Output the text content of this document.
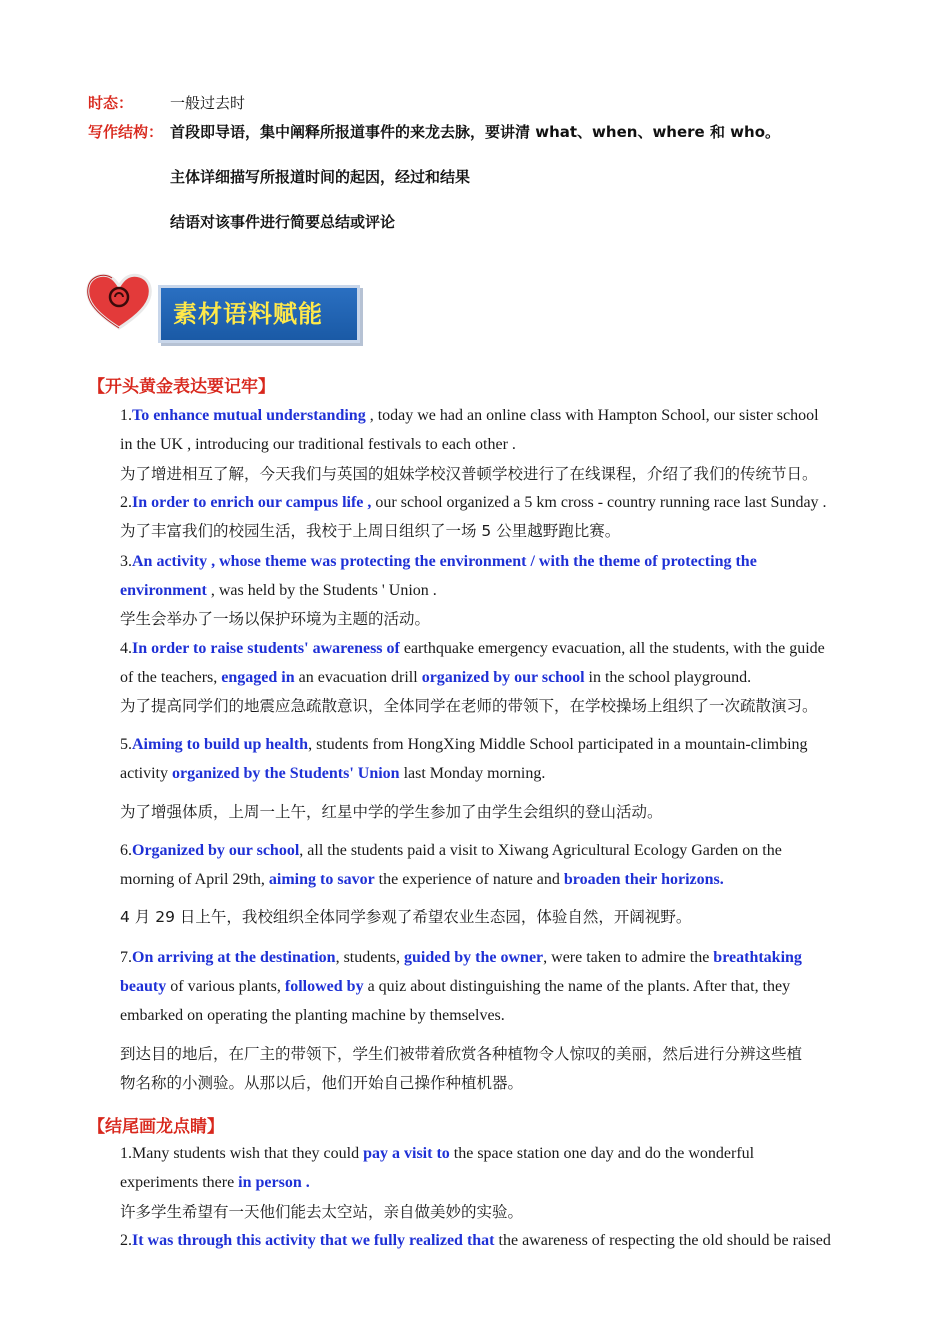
时态： 一般过去时
写作结构： 首段即导语，集中阐释所报道事件的来龙去脉，要讲清 what、when、where 和 who。
主体详细描写所报道时间的起因，经过和结果
结语对该事件进行简要总结或评论
素材语料赋能
【开头黄金表达要记牢】
1.To enhance mutual understanding , today we had an online class with Hampton School, our sister school
in the UK , introducing our traditional festivals to each other .
为了增进相互了解，今天我们与英国的姐妹学校汉普顿学校进行了在线课程，介绍了我们的传统节日。
2.In order to enrich our campus life , our school organized a 5 km cross - country running race last Sunday .
为了丰富我们的校园生活，我校于上周日组织了一场 5 公里越野跑比赛。
3.An activity , whose theme was protecting the environment / with the theme of protecting the
environment , was held by the Students ' Union .
学生会举办了一场以保护环境为主题的活动。
4.In order to raise students' awareness of earthquake emergency evacuation, all the students, with the guide
of the teachers, engaged in an evacuation drill organized by our school in the school playground.
为了提高同学们的地震应急疏散意识，全体同学在老师的带领下，在学校操场上组织了一次疏散演习。
5.Aiming to build up health, students from HongXing Middle School participated in a mountain-climbing
activity organized by the Students' Union last Monday morning.
为了增强体质，上周一上午，红星中学的学生参加了由学生会组织的登山活动。
6.Organized by our school, all the students paid a visit to Xiwang Agricultural Ecology Garden on the
morning of April 29th, aiming to savor the experience of nature and broaden their horizons.
4 月 29 日上午，我校组织全体同学参观了希望农业生态园，体验自然，开阔视野。
7.On arriving at the destination, students, guided by the owner, were taken to admire the breathtaking
beauty of various plants, followed by a quiz about distinguishing the name of the plants. After that, they
embarked on operating the planting machine by themselves.
到达目的地后，在厂主的带领下，学生们被带着欣赏各种植物令人惊叹的美丽，然后进行分辨这些植
物名称的小测验。从那以后，他们开始自己操作种植机器。
【结尾画龙点睛】
1.Many students wish that they could pay a visit to the space station one day and do the wonderful
experiments there in person .
许多学生希望有一天他们能去太空站，亲自做美妙的实验。
2.It was through this activity that we fully realized that the awareness of respecting the old should be raised
